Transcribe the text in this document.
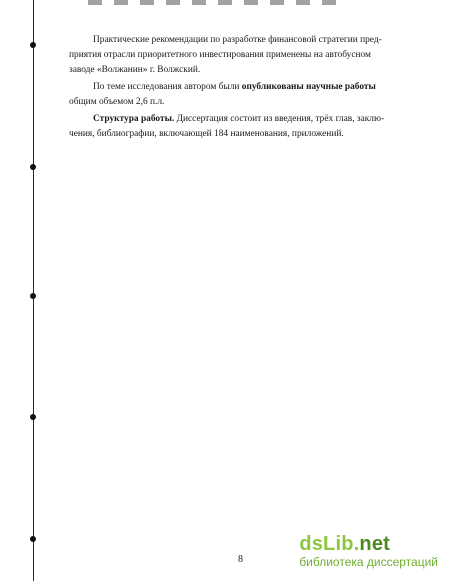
Практические рекомендации по разработке финансовой стратегии пред-
приятия отрасли приоритетного инвестирования применены на автобусном
заводе «Волжанин» г. Волжский.
По теме исследования автором были опубликованы научные работы
общим объемом 2,6 п.л.
Структура работы. Диссертация состоит из введения, трёх глав, заклю-
чения, библиографии, включающей 184 наименования, приложений.
8
dsLib.net
библиотека диссертаций
